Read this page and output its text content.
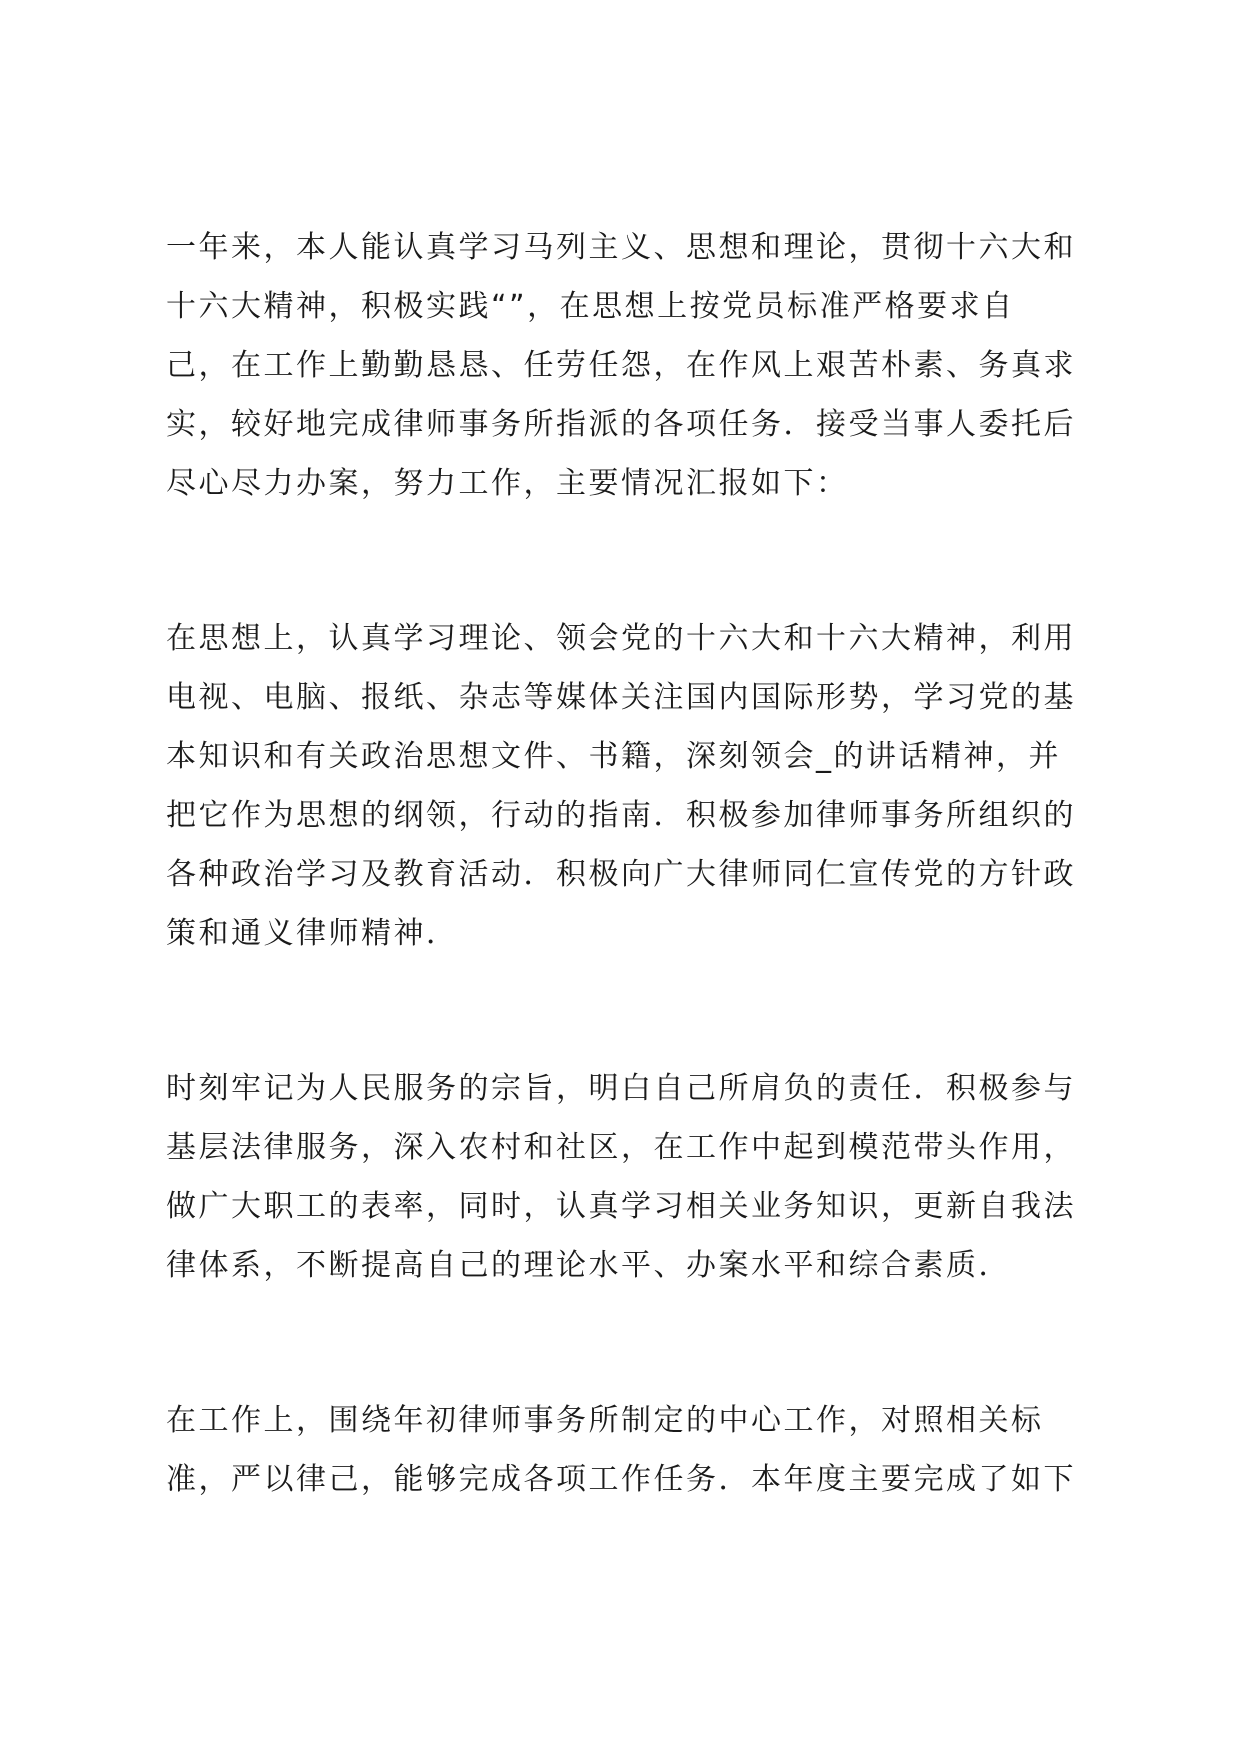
一年来，本人能认真学习马列主义、思想和理论，贯彻十六大和
十六大精神，积极实践“”，在思想上按党员标准严格要求自
己，在工作上勤勤恳恳、任劳任怨，在作风上艰苦朴素、务真求
实，较好地完成律师事务所指派的各项任务．接受当事人委托后
尽心尽力办案，努力工作，主要情况汇报如下：
在思想上，认真学习理论、领会党的十六大和十六大精神，利用
电视、电脑、报纸、杂志等媒体关注国内国际形势，学习党的基
本知识和有关政治思想文件、书籍，深刻领会_的讲话精神，并
把它作为思想的纲领，行动的指南．积极参加律师事务所组织的
各种政治学习及教育活动．积极向广大律师同仁宣传党的方针政
策和通义律师精神．
时刻牢记为人民服务的宗旨，明白自己所肩负的责任．积极参与
基层法律服务，深入农村和社区，在工作中起到模范带头作用，
做广大职工的表率，同时，认真学习相关业务知识，更新自我法
律体系，不断提高自己的理论水平、办案水平和综合素质．
在工作上，围绕年初律师事务所制定的中心工作，对照相关标
准，严以律己，能够完成各项工作任务．本年度主要完成了如下
